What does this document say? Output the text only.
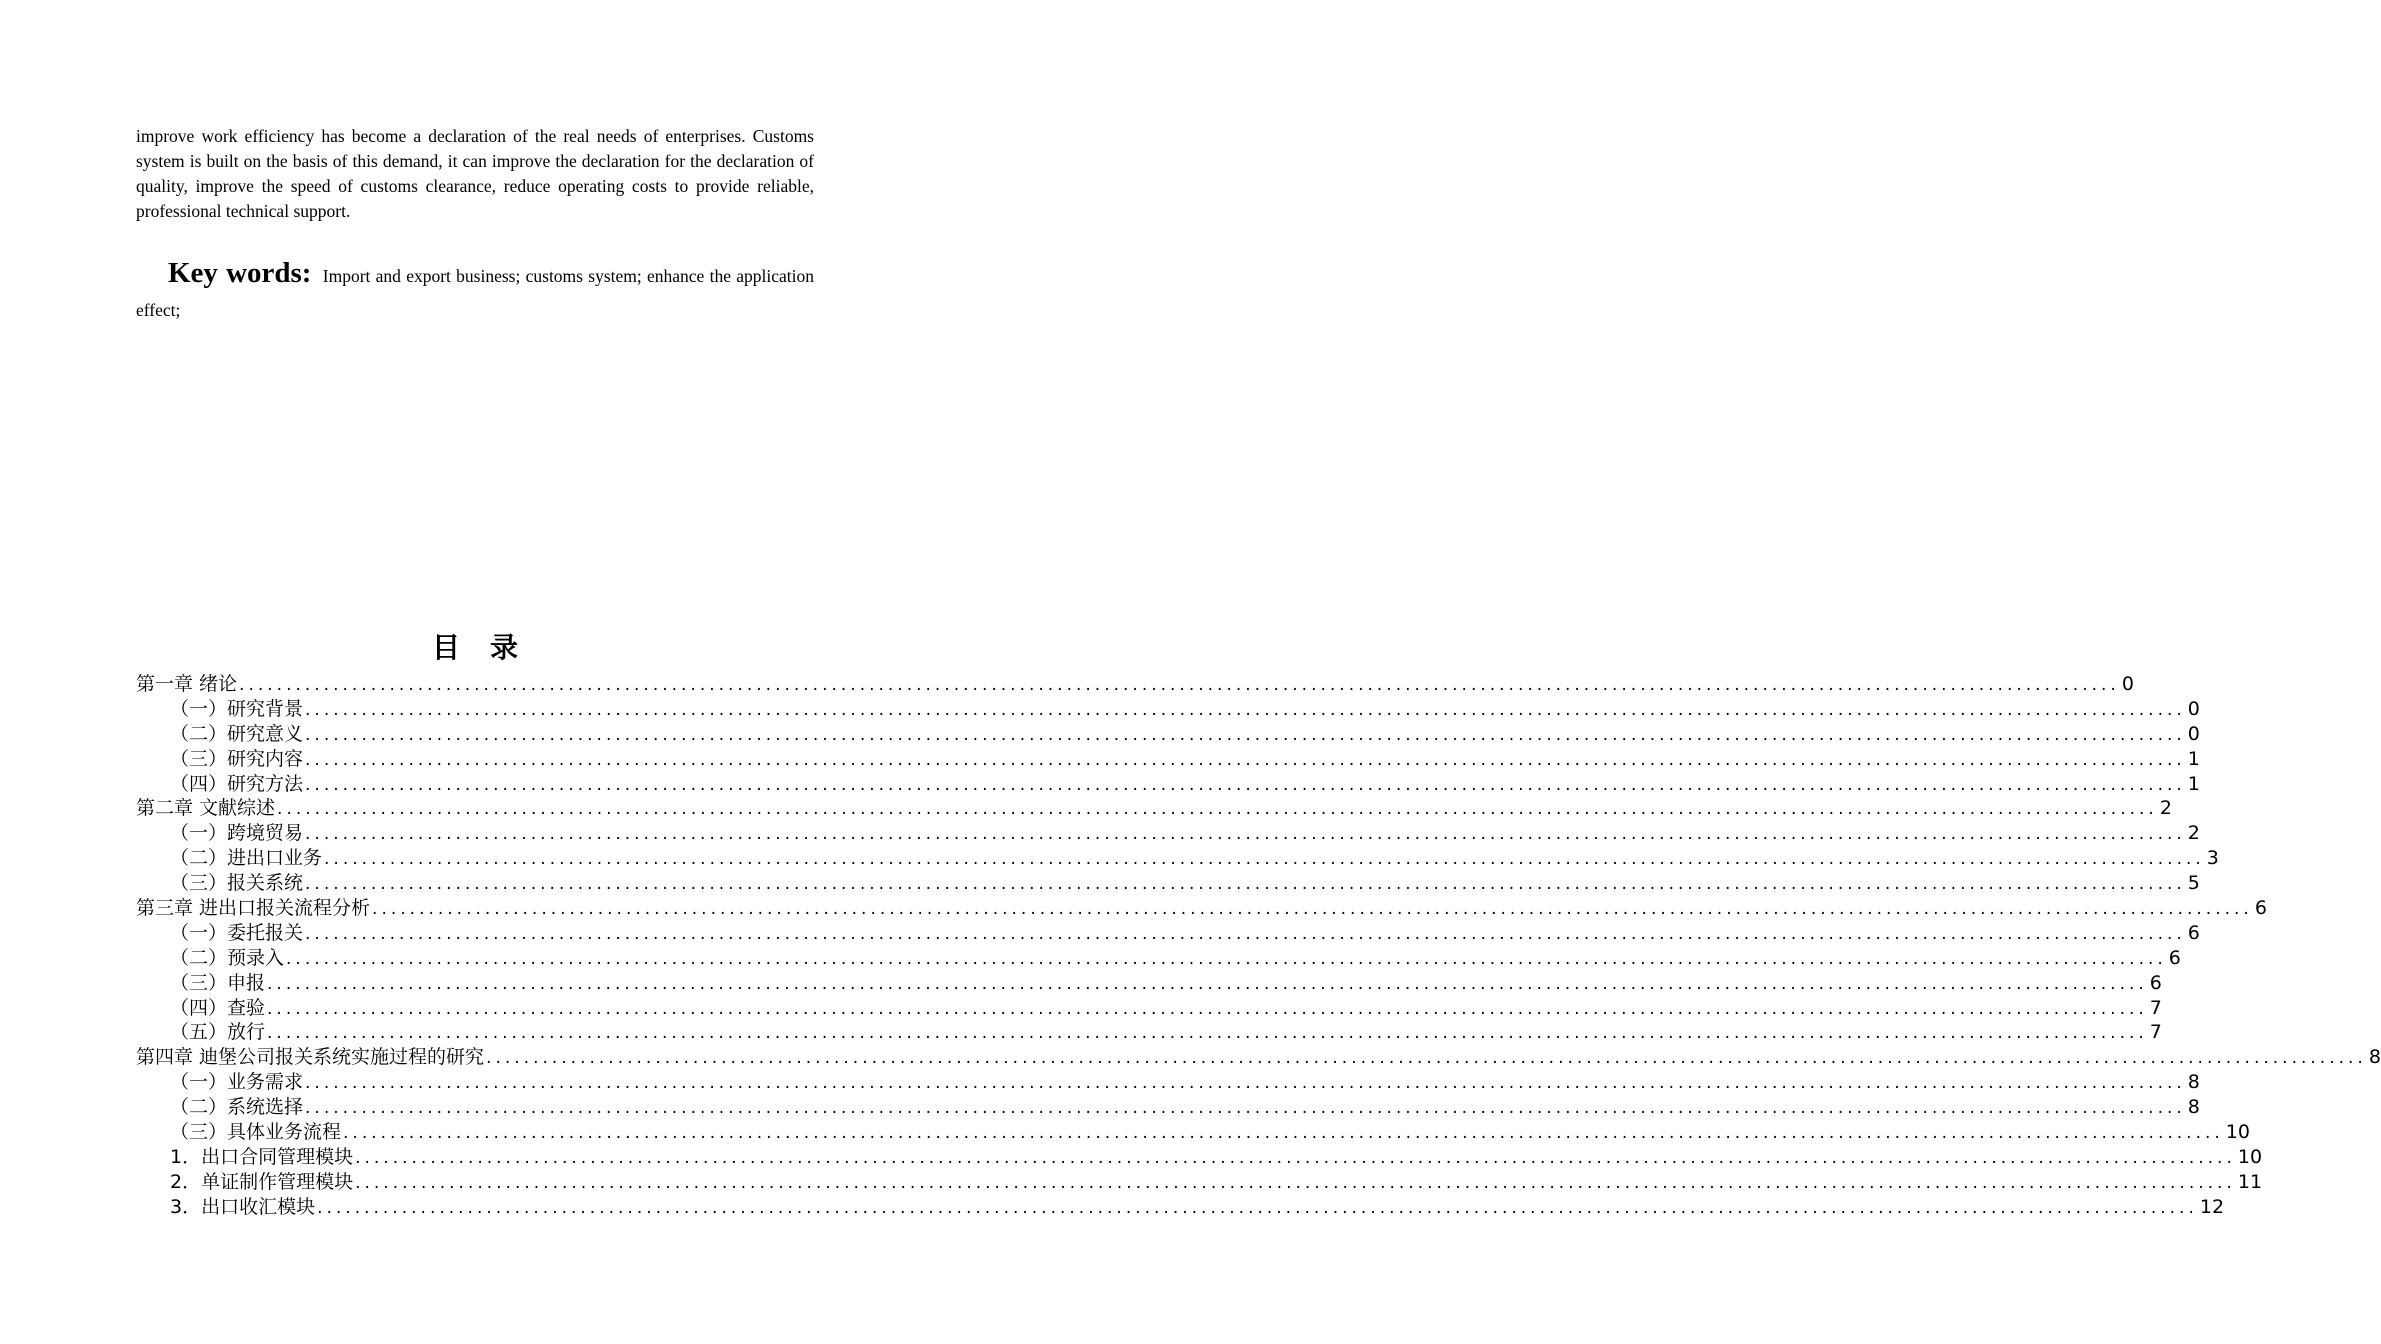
improve work efficiency has become a declaration of the real needs of enterprises. Customs system is built on the basis of this demand, it can improve the declaration for the declaration of quality, improve the speed of customs clearance, reduce operating costs to provide reliable, professional technical support.
Key words: Import and export business; customs system; enhance the application effect;
目录
第一章 绪论 ........................................................................................................................................................................................................ 0
（一）研究背景 ........................................................................................................................................................................................................ 0
（二）研究意义 ........................................................................................................................................................................................................ 0
（三）研究内容 ........................................................................................................................................................................................................ 1
（四）研究方法 ........................................................................................................................................................................................................ 1
第二章 文献综述 ........................................................................................................................................................................................................ 2
（一）跨境贸易 ........................................................................................................................................................................................................ 2
（二）进出口业务 ........................................................................................................................................................................................................ 3
（三）报关系统 ........................................................................................................................................................................................................ 5
第三章 进出口报关流程分析 ........................................................................................................................................................................................................ 6
（一）委托报关 ........................................................................................................................................................................................................ 6
（二）预录入 ........................................................................................................................................................................................................ 6
（三）申报 ........................................................................................................................................................................................................ 6
（四）查验 ........................................................................................................................................................................................................ 7
（五）放行 ........................................................................................................................................................................................................ 7
第四章 迪堡公司报关系统实施过程的研究 ........................................................................................................................................................................................................ 8
（一）业务需求 ........................................................................................................................................................................................................ 8
（二）系统选择 ........................................................................................................................................................................................................ 8
（三）具体业务流程 ........................................................................................................................................................................................................ 10
1．出口合同管理模块 ........................................................................................................................................................................................................ 10
2．单证制作管理模块 ........................................................................................................................................................................................................ 11
3．出口收汇模块 ........................................................................................................................................................................................................ 12
